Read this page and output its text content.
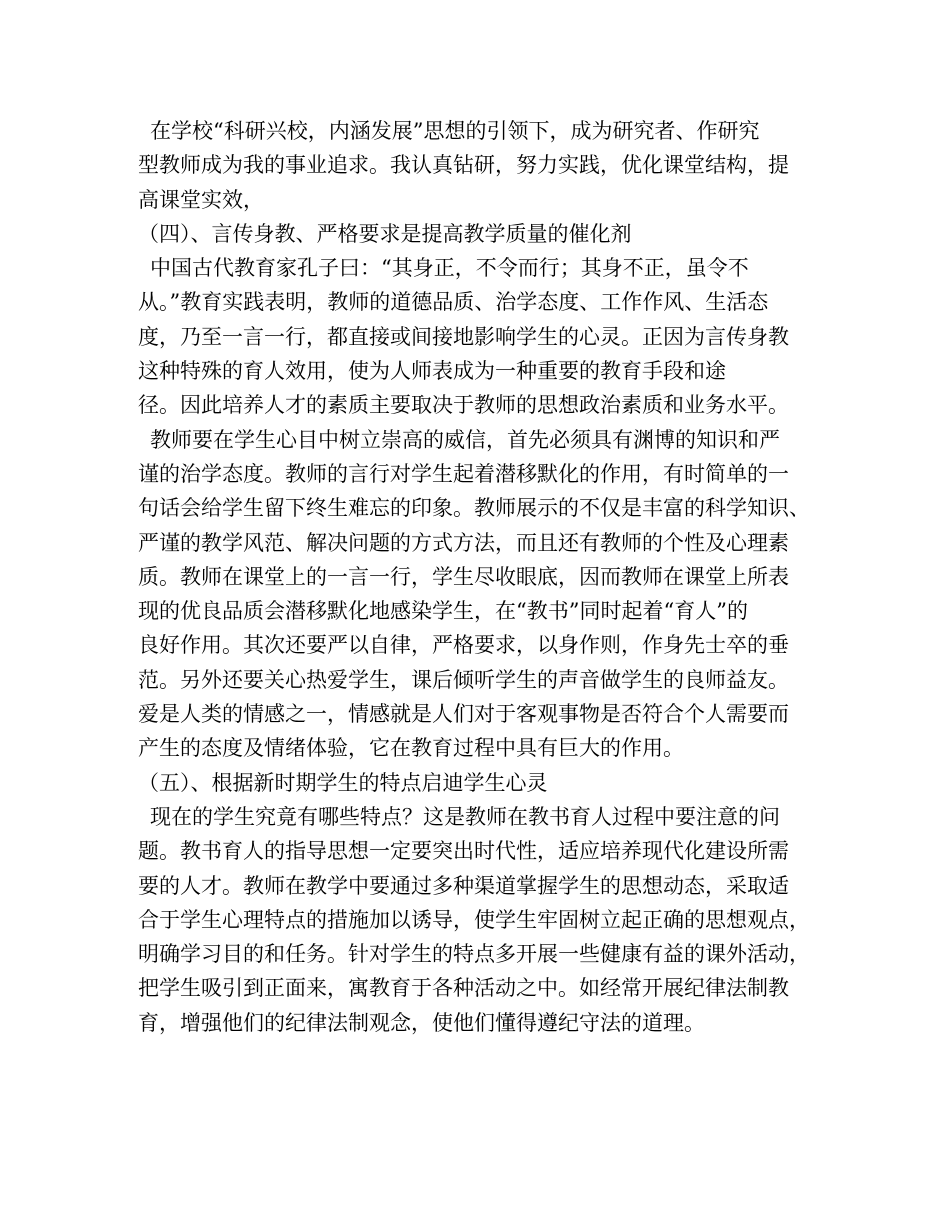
在学校“科研兴校，内涵发展”思想的引领下，成为研究者、作研究
型教师成为我的事业追求。我认真钻研，努力实践，优化课堂结构，提
高课堂实效，
（四）、言传身教、严格要求是提高教学质量的催化剂
中国古代教育家孔子曰：“其身正，不令而行；其身不正，虽令不
从。”教育实践表明，教师的道德品质、治学态度、工作作风、生活态
度，乃至一言一行，都直接或间接地影响学生的心灵。正因为言传身教
这种特殊的育人效用，使为人师表成为一种重要的教育手段和途
径。因此培养人才的素质主要取决于教师的思想政治素质和业务水平。
教师要在学生心目中树立崇高的威信，首先必须具有渊博的知识和严
谨的治学态度。教师的言行对学生起着潜移默化的作用，有时简单的一
句话会给学生留下终生难忘的印象。教师展示的不仅是丰富的科学知识、
严谨的教学风范、解决问题的方式方法，而且还有教师的个性及心理素
质。教师在课堂上的一言一行，学生尽收眼底，因而教师在课堂上所表
现的优良品质会潜移默化地感染学生，在“教书”同时起着“育人”的
良好作用。其次还要严以自律，严格要求，以身作则，作身先士卒的垂
范。另外还要关心热爱学生，课后倾听学生的声音做学生的良师益友。
爱是人类的情感之一，情感就是人们对于客观事物是否符合个人需要而
产生的态度及情绪体验，它在教育过程中具有巨大的作用。
（五）、根据新时期学生的特点启迪学生心灵
现在的学生究竟有哪些特点？这是教师在教书育人过程中要注意的问
题。教书育人的指导思想一定要突出时代性，适应培养现代化建设所需
要的人才。教师在教学中要通过多种渠道掌握学生的思想动态，采取适
合于学生心理特点的措施加以诱导，使学生牢固树立起正确的思想观点，
明确学习目的和任务。针对学生的特点多开展一些健康有益的课外活动，
把学生吸引到正面来，寓教育于各种活动之中。如经常开展纪律法制教
育，增强他们的纪律法制观念，使他们懂得遵纪守法的道理。
